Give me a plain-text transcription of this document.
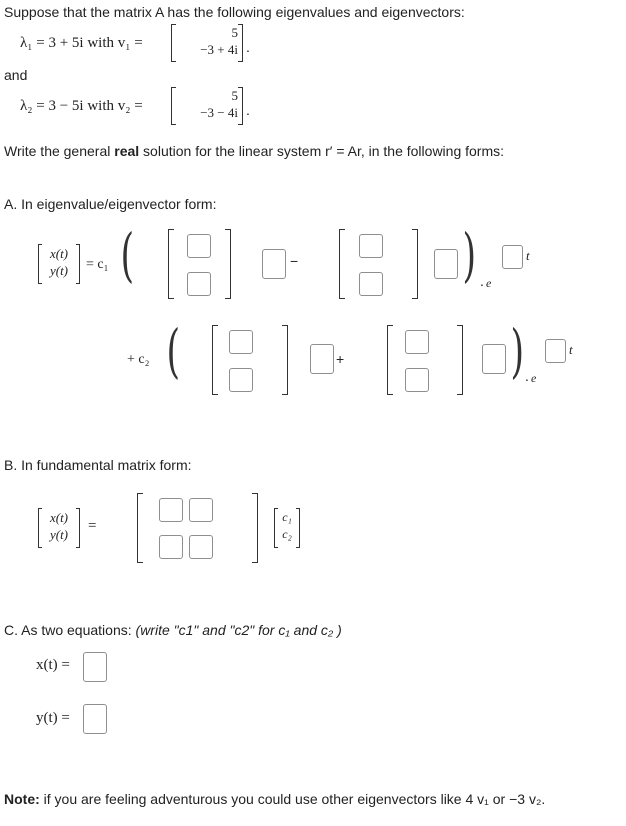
Suppose that the matrix A has the following eigenvalues and eigenvectors:
λ₁ = 3 + 5i with v₁ =
5
−3 + 4i .
and
λ₂ = 3 − 5i with v₂ =
5
−3 − 4i .
Write the general real solution for the linear system r′ = Ar, in the following forms:
A. In eigenvalue/eigenvector form:
x(t)
y(t)	= c₁ (	−	) . e
t
+ c₂ (	+	) . e
t
B. In fundamental matrix form:
x(t)
y(t)
=
c₁
c₂
C. As two equations: (write "c1" and "c2" for c₁ and c₂ )
x(t) =
y(t) =
Note: if you are feeling adventurous you could use other eigenvectors like 4 v₁ or −3 v₂.
